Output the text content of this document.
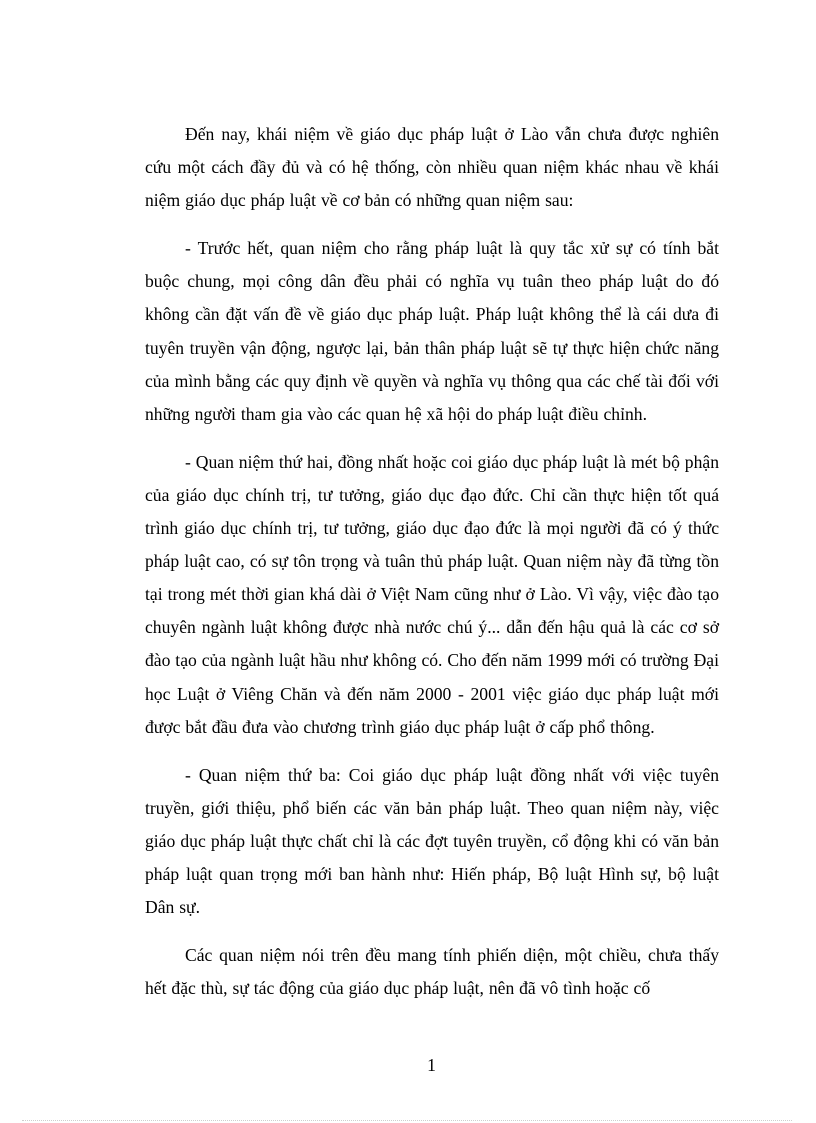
Đến nay, khái niệm về giáo dục pháp luật ở Lào vẫn chưa được nghiên cứu một cách đầy đủ và có hệ thống, còn nhiều quan niệm khác nhau về khái niệm giáo dục pháp luật về cơ bản có những quan niệm sau:

- Trước hết, quan niệm cho rằng pháp luật là quy tắc xử sự có tính bắt buộc chung, mọi công dân đều phải có nghĩa vụ tuân theo pháp luật do đó không cần đặt vấn đề về giáo dục pháp luật. Pháp luật không thể là cái dưa đi tuyên truyền vận động, ngược lại, bản thân pháp luật sẽ tự thực hiện chức năng của mình bằng các quy định về quyền và nghĩa vụ thông qua các chế tài đối với những người tham gia vào các quan hệ xã hội do pháp luật điều chỉnh.

- Quan niệm thứ hai, đồng nhất hoặc coi giáo dục pháp luật là mét bộ phận của giáo dục chính trị, tư tưởng, giáo dục đạo đức. Chỉ cần thực hiện tốt quá trình giáo dục chính trị, tư tưởng, giáo dục đạo đức là mọi người đã có ý thức pháp luật cao, có sự tôn trọng và tuân thủ pháp luật. Quan niệm này đã từng tồn tại trong mét thời gian khá dài ở Việt Nam cũng như ở Lào. Vì vậy, việc đào tạo chuyên ngành luật không được nhà nước chú ý... dẫn đến hậu quả là các cơ sở đào tạo của ngành luật hầu như không có. Cho đến năm 1999 mới có trường Đại học Luật ở Viêng Chăn và đến năm 2000 - 2001 việc giáo dục pháp luật mới được bắt đầu đưa vào chương trình giáo dục pháp luật ở cấp phổ thông.

- Quan niệm thứ ba: Coi giáo dục pháp luật đồng nhất với việc tuyên truyền, giới thiệu, phổ biến các văn bản pháp luật. Theo quan niệm này, việc giáo dục pháp luật thực chất chỉ là các đợt tuyên truyền, cổ động khi có văn bản pháp luật quan trọng mới ban hành như: Hiến pháp, Bộ luật Hình sự, bộ luật Dân sự.

Các quan niệm nói trên đều mang tính phiến diện, một chiều, chưa thấy hết đặc thù, sự tác động của giáo dục pháp luật, nên đã vô tình hoặc cố

1
